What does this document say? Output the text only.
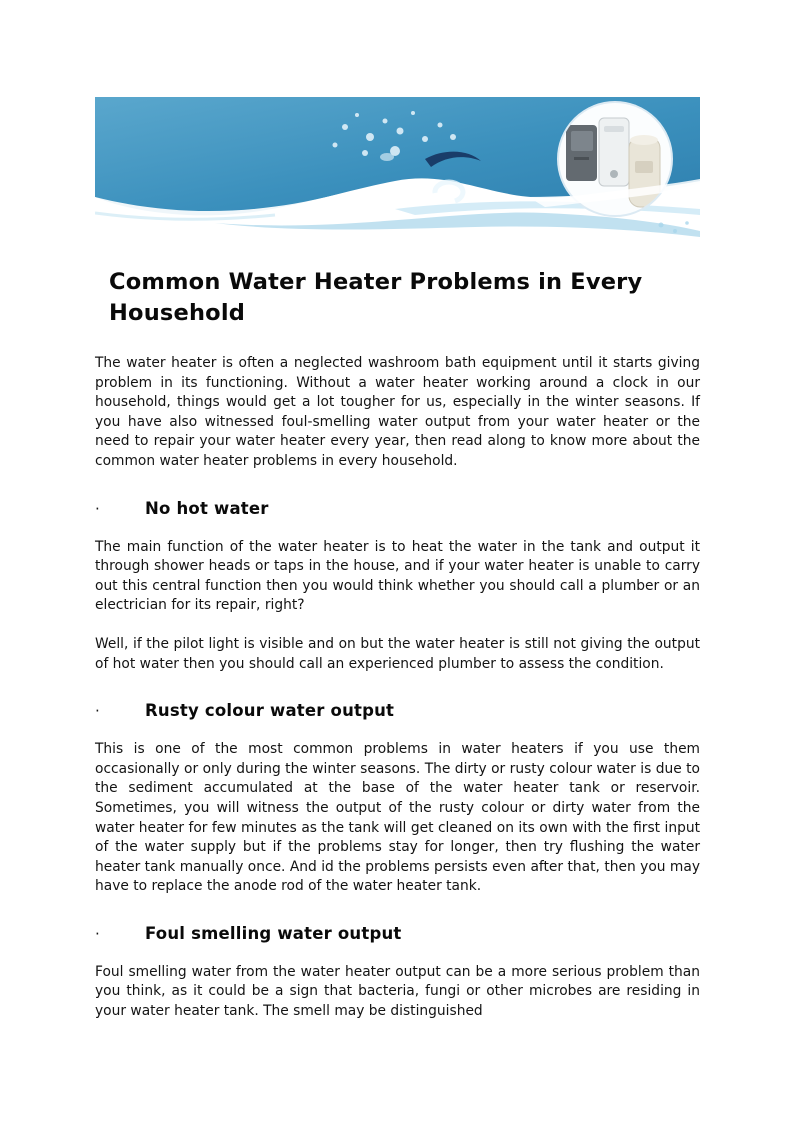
Common Water Heater Problems in Every Household

The water heater is often a neglected washroom bath equipment until it starts giving problem in its functioning. Without a water heater working around a clock in our household, things would get a lot tougher for us, especially in the winter seasons. If you have also witnessed foul-smelling water output from your water heater or the need to repair your water heater every year, then read along to know more about the common water heater problems in every household.

·	No hot water

The main function of the water heater is to heat the water in the tank and output it through shower heads or taps in the house, and if your water heater is unable to carry out this central function then you would think whether you should call a plumber or an electrician for its repair, right?

Well, if the pilot light is visible and on but the water heater is still not giving the output of hot water then you should call an experienced plumber to assess the condition.

·	Rusty colour water output

This is one of the most common problems in water heaters if you use them occasionally or only during the winter seasons. The dirty or rusty colour water is due to the sediment accumulated at the base of the water heater tank or reservoir. Sometimes, you will witness the output of the rusty colour or dirty water from the water heater for few minutes as the tank will get cleaned on its own with the first input of the water supply but if the problems stay for longer, then try flushing the water heater tank manually once. And id the problems persists even after that, then you may have to replace the anode rod of the water heater tank.

·	Foul smelling water output

Foul smelling water from the water heater output can be a more serious problem than you think, as it could be a sign that bacteria, fungi or other microbes are residing in your water heater tank. The smell may be distinguished
